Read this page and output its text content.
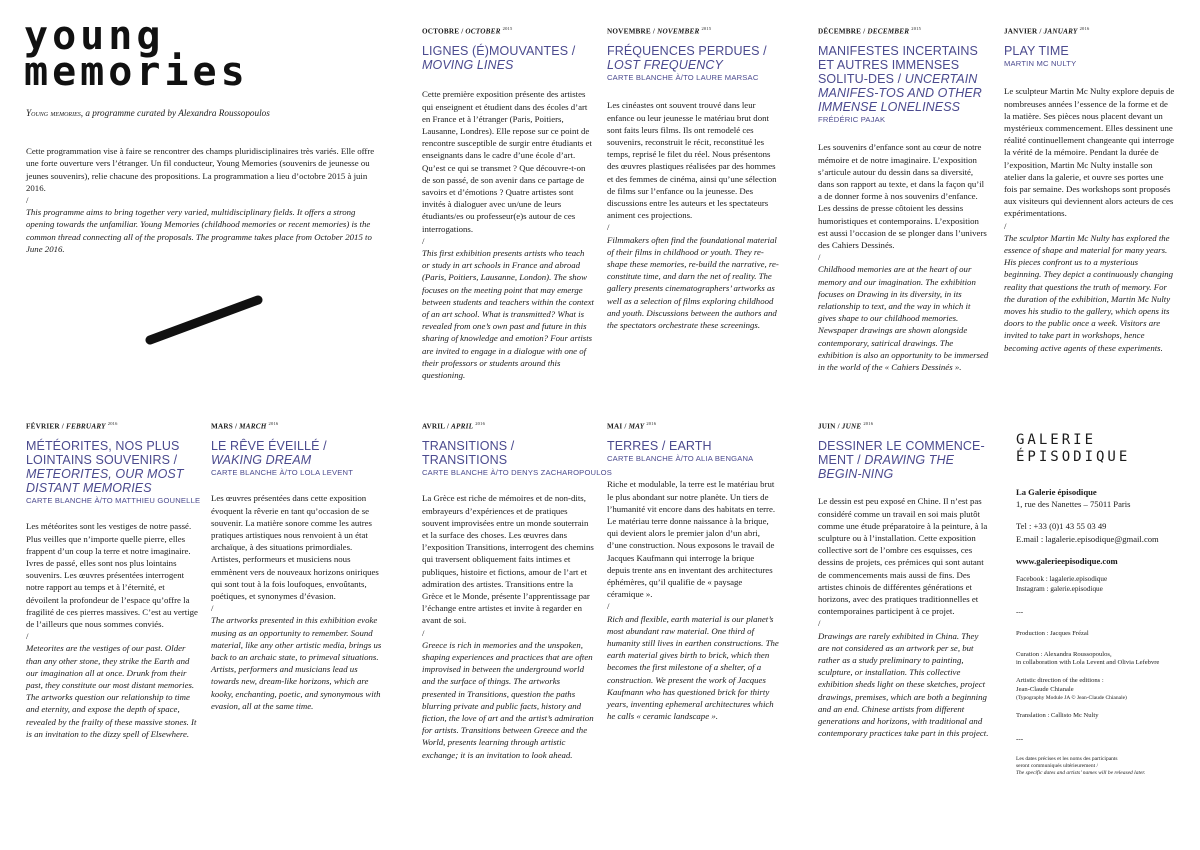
young
memories

Young memories, a programme curated by Alexandra Roussopoulos

Cette programmation vise à faire se rencontrer des champs pluridisciplinaires très variés. Elle offre une forte ouverture vers l’étranger. Un fil conducteur, Young Memories (souvenirs de jeunesse ou jeunes souvenirs), relie chacune des propositions. La programmation a lieu d’octobre 2015 à juin 2016.

/

This programme aims to bring together very varied, multidisciplinary fields. It offers a strong opening towards the unfamiliar. Young Memories (childhood memories or recent memories) is the common thread connecting all of the proposals. The programme takes place from October 2015 to June 2016.

OCTOBRE / OCTOBER $^{2015}$
LIGNES (É)MOUVANTES /
MOVING LINES

Cette première exposition présente des artistes qui enseignent et étudient dans des écoles d’art en France et à l’étranger (Paris, Poitiers, Lausanne, Londres). Elle repose sur ce point de rencontre susceptible de surgir entre étudiants et enseignants dans le cadre d’une école d’art. Qu’est ce qui se transmet ? Que découvre-t-on de son passé, de son avenir dans ce partage de savoirs et d’émotions ? Quatre artistes sont invités à dialoguer avec un/une de leurs étudiants/es ou professeur(e)s autour de ces interrogations.

/

This first exhibition presents artists who teach or study in art schools in France and abroad (Paris, Poitiers, Lausanne, London). The show focuses on the meeting point that may emerge between students and teachers within the context of an art school. What is transmitted? What is revealed from one’s own past and future in this sharing of knowledge and emotion? Four artists are invited to engage in a dialogue with one of their professors or students around this questioning.

NOVEMBRE / NOVEMBER $^{2015}$
FRÉQUENCES PERDUES /
LOST FREQUENCY
CARTE BLANCHE À/TO LAURE MARSAC

Les cinéastes ont souvent trouvé dans leur enfance ou leur jeunesse le matériau brut dont sont faits leurs films. Ils ont remodelé ces souvenirs, reconstruit le récit, reconstitué les temps, reprisé le filet du réel. Nous présentons des œuvres plastiques réalisées par des hommes et des femmes de cinéma, ainsi qu’une sélection de films sur l’enfance ou la jeunesse. Des discussions entre les auteurs et les spectateurs animent ces projections.

/

Filmmakers often find the foundational material of their films in childhood or youth. They re-shape these memories, re-build the narrative, re-constitute time, and darn the net of reality. The gallery presents cinematographers’ artworks as well as a selection of films exploring childhood and youth. Discussions between the authors and the spectators orchestrate these screenings.

DÉCEMBRE / DECEMBER $^{2015}$
MANIFESTES INCERTAINS ET AUTRES IMMENSES SOLITU-DES / UNCERTAIN MANIFES-TOS AND OTHER IMMENSE LONELINESS
FRÉDÉRIC PAJAK

Les souvenirs d’enfance sont au cœur de notre mémoire et de notre imaginaire. L’exposition s’articule autour du dessin dans sa diversité, dans son rapport au texte, et dans la façon qu’il a de donner forme à nos souvenirs d’enfance. Les dessins de presse côtoient les dessins humoristiques et contemporains. L’exposition est aussi l’occasion de se plonger dans l’univers des Cahiers Dessinés.

/

Childhood memories are at the heart of our memory and our imagination. The exhibition focuses on Drawing in its diversity, in its relationship to text, and the way in which it gives shape to our childhood memories. Newspaper drawings are shown alongside contemporary, satirical drawings. The exhibition is also an opportunity to be immersed in the world of the « Cahiers Dessinés ».

JANVIER / JANUARY $^{2016}$
PLAY TIME
MARTIN MC NULTY

Le sculpteur Martin Mc Nulty explore depuis de nombreuses années l’essence de la forme et de la matière. Ses pièces nous placent devant un mystérieux commencement. Elles dessinent une réalité continuellement changeante qui interroge la vérité de la mémoire. Pendant la durée de l’exposition, Martin Mc Nulty installe son atelier dans la galerie, et ouvre ses portes une fois par semaine. Des workshops sont proposés aux visiteurs qui deviennent alors acteurs de ces expérimentations.

/

The sculptor Martin Mc Nulty has explored the essence of shape and material for many years. His pieces confront us to a mysterious beginning. They depict a continuously changing reality that questions the truth of memory. For the duration of the exhibition, Martin Mc Nulty moves his studio to the gallery, which opens its doors to the public once a week. Visitors are invited to take part in workshops, hence becoming active agents of these experiments.

FÉVRIER / FEBRUARY $^{2016}$
MÉTÉORITES, NOS PLUS LOINTAINS SOUVENIRS /
METEORITES, OUR MOST DISTANT MEMORIES
CARTE BLANCHE À/TO MATTHIEU GOUNELLE

Les météorites sont les vestiges de notre passé. Plus veilles que n’importe quelle pierre, elles frappent d’un coup la terre et notre imaginaire. Ivres de passé, elles sont nos plus lointains souvenirs. Les œuvres présentées interrogent notre rapport au temps et à l’éternité, et dévoilent la profondeur de l’espace qu’offre la fragilité de ces pierres massives. C’est au vertige de l’ailleurs que nous sommes conviés.

/

Meteorites are the vestiges of our past. Older than any other stone, they strike the Earth and our imagination all at once. Drunk from their past, they constitute our most distant memories. The artworks question our relationship to time and eternity, and expose the depth of space, revealed by the frailty of these massive stones. It is an invitation to the dizzy spell of Elsewhere.

MARS / MARCH $^{2016}$
LE RÊVE ÉVEILLÉ /
WAKING DREAM
CARTE BLANCHE À/TO LOLA LEVENT

Les œuvres présentées dans cette exposition évoquent la rêverie en tant qu’occasion de se souvenir. La matière sonore comme les autres pratiques artistiques nous renvoient à un état archaïque, à des situations primordiales. Artistes, performeurs et musiciens nous emmènent vers de nouveaux horizons oniriques qui sont tout à la fois loufoques, envoûtants, poétiques, et synonymes d’évasion.

/

The artworks presented in this exhibition evoke musing as an opportunity to remember. Sound material, like any other artistic media, brings us back to an archaic state, to primeval situations. Artists, performers and musicians lead us towards new, dream-like horizons, which are kooky, enchanting, poetic, and synonymous with evasion, all at the same time.

AVRIL / APRIL $^{2016}$
TRANSITIONS / TRANSITIONS
CARTE BLANCHE À/TO DENYS ZACHAROPOULOS

La Grèce est riche de mémoires et de non-dits, embrayeurs d’expériences et de pratiques souvent improvisées entre un monde souterrain et la surface des choses. Les œuvres dans l’exposition Transitions, interrogent des chemins qui traversent obliquement faits intimes et publiques, histoire et fictions, amour de l’art et admiration des artistes. Transitions entre la Grèce et le Monde, présente l’apprentissage par l’échange entre artistes et invite à regarder en avant de soi.

/

Greece is rich in memories and the unspoken, shaping experiences and practices that are often improvised in between the underground world and the surface of things. The artworks presented in Transitions, question the paths blurring private and public facts, history and fiction, the love of art and the artist’s admiration for artists. Transitions between Greece and the World, presents learning through artistic exchange; it is an invitation to look ahead.

MAI / MAY $^{2016}$
TERRES / EARTH
CARTE BLANCHE À/TO ALIA BENGANA

Riche et modulable, la terre est le matériau brut le plus abondant sur notre planète. Un tiers de l’humanité vit encore dans des habitats en terre. Le matériau terre donne naissance à la brique, qui devient alors le premier jalon d’un abri, d’une construction. Nous exposons le travail de Jacques Kaufmann qui interroge la brique depuis trente ans en inventant des architectures éphémères, qu’il qualifie de « paysage céramique ».

/

Rich and flexible, earth material is our planet’s most abundant raw material. One third of humanity still lives in earthen constructions. The earth material gives birth to brick, which then becomes the first milestone of a shelter, of a construction. We present the work of Jacques Kaufmann who has questioned brick for thirty years, inventing ephemeral architectures which he calls « ceramic landscape ».

JUIN / JUNE $^{2016}$
DESSINER LE COMMENCE-MENT / DRAWING THE BEGIN-NING

Le dessin est peu exposé en Chine. Il n’est pas considéré comme un travail en soi mais plutôt comme une étude préparatoire à la peinture, à la sculpture ou à l’installation. Cette exposition collective sort de l’ombre ces esquisses, ces dessins de projets, ces prémices qui sont autant de commencements mais aussi de fins. Des artistes chinois de différentes générations et horizons, avec des pratiques traditionnelles et contemporaines participent à ce projet.

/

Drawings are rarely exhibited in China. They are not considered as an artwork per se, but rather as a study preliminary to painting, sculpture, or installation. This collective exhibition sheds light on these sketches, project drawings, premises, which are both a beginning and an end. Chinese artists from different generations and horizons, with traditional and contemporary practices take part in this project.

GALERIE
ÉPISODIQUE

La Galerie épisodique

1, rue des Nanettes – 75011 Paris

Tel : +33 (0)1 43 55 03 49

E.mail : lagalerie.episodique@gmail.com

www.galerieepisodique.com

Facebook : lagalerie.episodique
Instagram : galerie.episodique
---
Production : Jacques Frézal
Curation : Alexandra Roussopoulos,
in collaboration with Lola Levent and Olivia Lefebvre
Artistic direction of the editions :
Jean-Claude Chianale
(Typography Module JA © Jean-Claude Chianale)
Translation : Callisto Mc Nulty
---
Les dates précises et les noms des participants
seront communiqués ultérieurement /
The specific dates and artists’ names will be released later.
